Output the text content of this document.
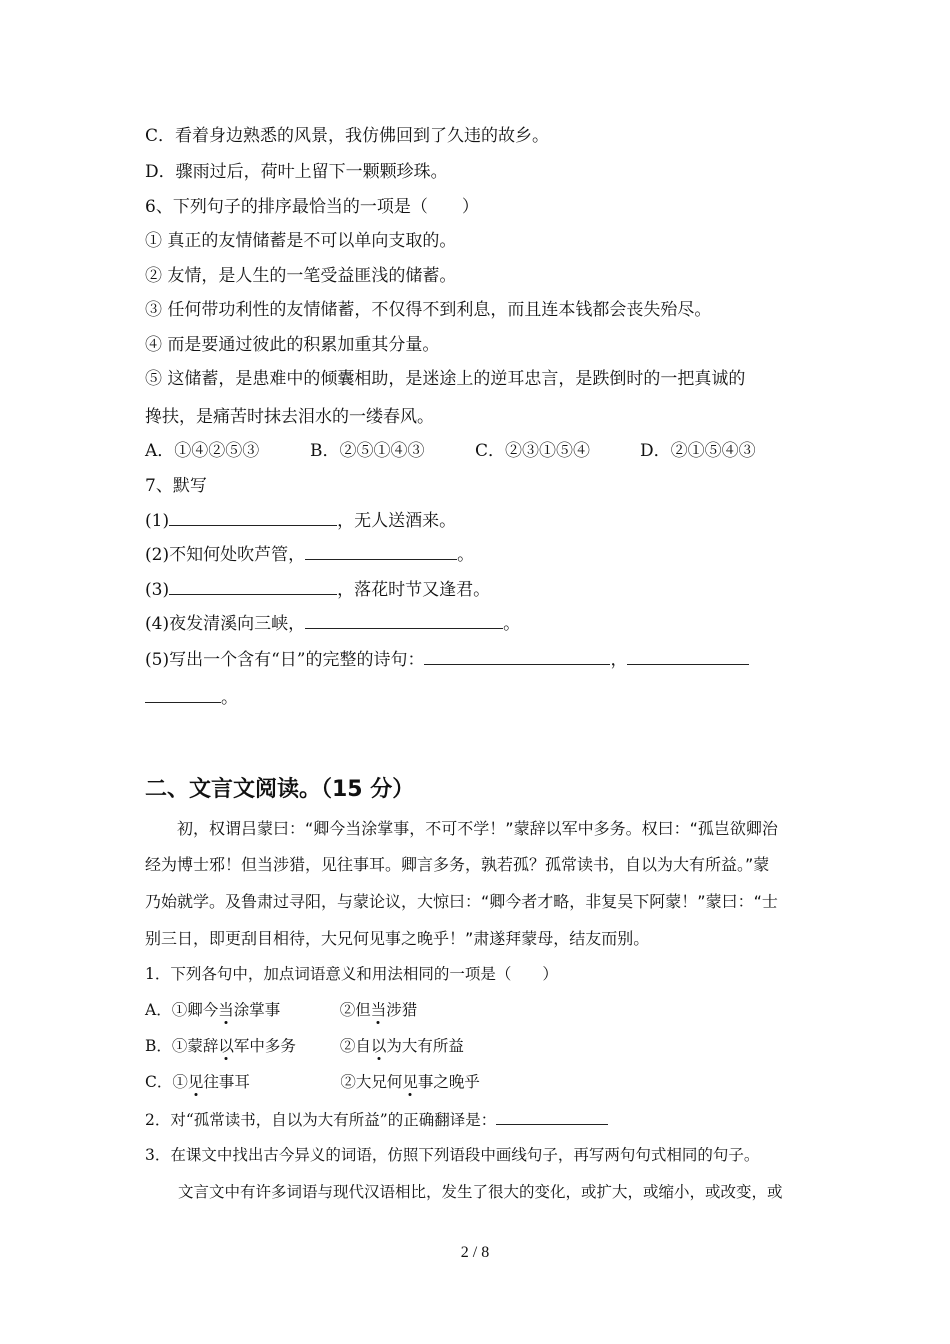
C．看着身边熟悉的风景，我仿佛回到了久违的故乡。
D．骤雨过后，荷叶上留下一颗颗珍珠。
6、下列句子的排序最恰当的一项是（　　）
① 真正的友情储蓄是不可以单向支取的。
② 友情，是人生的一笔受益匪浅的储蓄。
③ 任何带功利性的友情储蓄，不仅得不到利息，而且连本钱都会丧失殆尽。
④ 而是要通过彼此的积累加重其分量。
⑤ 这储蓄，是患难中的倾囊相助，是迷途上的逆耳忠言，是跌倒时的一把真诚的
搀扶，是痛苦时抹去泪水的一缕春风。
A．①④②⑤③	B．②⑤①④③	C．②③①⑤④	D．②①⑤④③
7、默写
(1)	，无人送酒来。
(2)不知何处吹芦管，	。
(3)	，落花时节又逢君。
(4)夜发清溪向三峡，	。
(5)写出一个含有“日”的完整的诗句：	，
。
二、文言文阅读。（15 分）
初，权谓吕蒙曰：“卿今当涂掌事，不可不学！”蒙辞以军中多务。权曰：“孤岂欲卿治
经为博士邪！但当涉猎，见往事耳。卿言多务，孰若孤？孤常读书，自以为大有所益。”蒙
乃始就学。及鲁肃过寻阳，与蒙论议，大惊曰：“卿今者才略，非复吴下阿蒙！”蒙曰：“士
别三日，即更刮目相待，大兄何见事之晚乎！”肃遂拜蒙母，结友而别。
1．下列各句中，加点词语意义和用法相同的一项是（　　）
A．①卿今当涂掌事	②但当涉猎
B．①蒙辞以军中多务	②自以为大有所益
C．①见往事耳	②大兄何见事之晚乎
2．对“孤常读书，自以为大有所益”的正确翻译是：
3．在课文中找出古今异义的词语，仿照下列语段中画线句子，再写两句句式相同的句子。
文言文中有许多词语与现代汉语相比，发生了很大的变化，或扩大，或缩小，或改变，或
2 / 8
